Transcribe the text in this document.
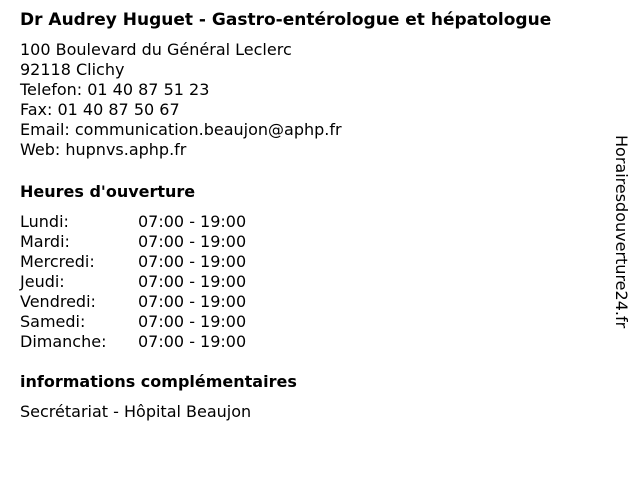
Dr Audrey Huguet - Gastro-entérologue et hépatologue
100 Boulevard du Général Leclerc
92118 Clichy
Telefon: 01 40 87 51 23
Fax: 01 40 87 50 67
Email: communication.beaujon@aphp.fr
Web: hupnvs.aphp.fr
Heures d'ouverture
Lundi:	07:00 - 19:00
Mardi:	07:00 - 19:00
Mercredi:	07:00 - 19:00
Jeudi:	07:00 - 19:00
Vendredi:	07:00 - 19:00
Samedi:	07:00 - 19:00
Dimanche:	07:00 - 19:00
informations complémentaires
Secrétariat - Hôpital Beaujon
Horairesdouverture24.fr
